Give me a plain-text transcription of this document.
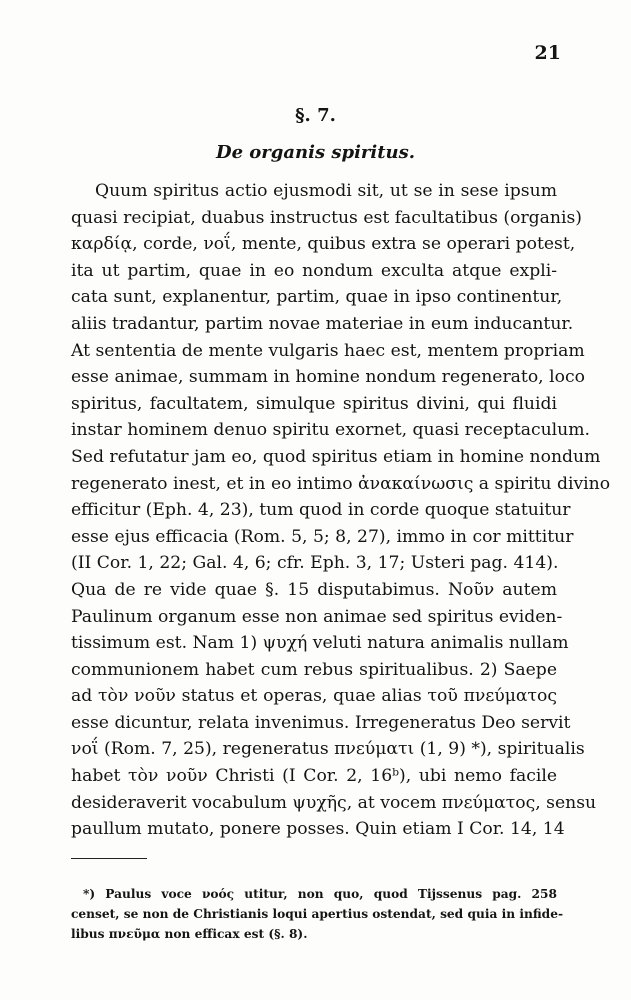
21
§. 7.
De organis spiritus.
Quum spiritus actio ejusmodi sit, ut se in sese ipsum
quasi recipiat, duabus instructus est facultatibus (organis)
καρδίᾳ, corde, νοΐ, mente, quibus extra se operari potest,
ita ut partim, quae in eo nondum exculta atque expli-
cata sunt, explanentur, partim, quae in ipso continentur,
aliis tradantur, partim novae materiae in eum inducantur.
At sententia de mente vulgaris haec est, mentem propriam
esse animae, summam in homine nondum regenerato, loco
spiritus, facultatem, simulque spiritus divini, qui fluidi
instar hominem denuo spiritu exornet, quasi receptaculum.
Sed refutatur jam eo, quod spiritus etiam in homine nondum
regenerato inest, et in eo intimo ἀνακαίνωσις a spiritu divino
efficitur (Eph. 4, 23), tum quod in corde quoque statuitur
esse ejus efficacia (Rom. 5, 5; 8, 27), immo in cor mittitur
(II Cor. 1, 22; Gal. 4, 6; cfr. Eph. 3, 17; Usteri pag. 414).
Qua de re vide quae §. 15 disputabimus. Νοῦν autem
Paulinum organum esse non animae sed spiritus eviden-
tissimum est. Nam 1) ψυχή veluti natura animalis nullam
communionem habet cum rebus spiritualibus. 2) Saepe
ad τὸν νοῦν status et operas, quae alias τοῦ πνεύματος
esse dicuntur, relata invenimus. Irregeneratus Deo servit
νοΐ (Rom. 7, 25), regeneratus πνεύματι (1, 9) *), spiritualis
habet τὸν νοῦν Christi (I Cor. 2, 16ᵇ), ubi nemo facile
desideraverit vocabulum ψυχῆς, at vocem πνεύματος, sensu
paullum mutato, ponere posses. Quin etiam I Cor. 14, 14
*) Paulus voce νοός utitur, non quo, quod Tijssenus pag. 258
censet, se non de Christianis loqui apertius ostendat, sed quia in infide-
libus πνεῦμα non efficax est (§. 8).
